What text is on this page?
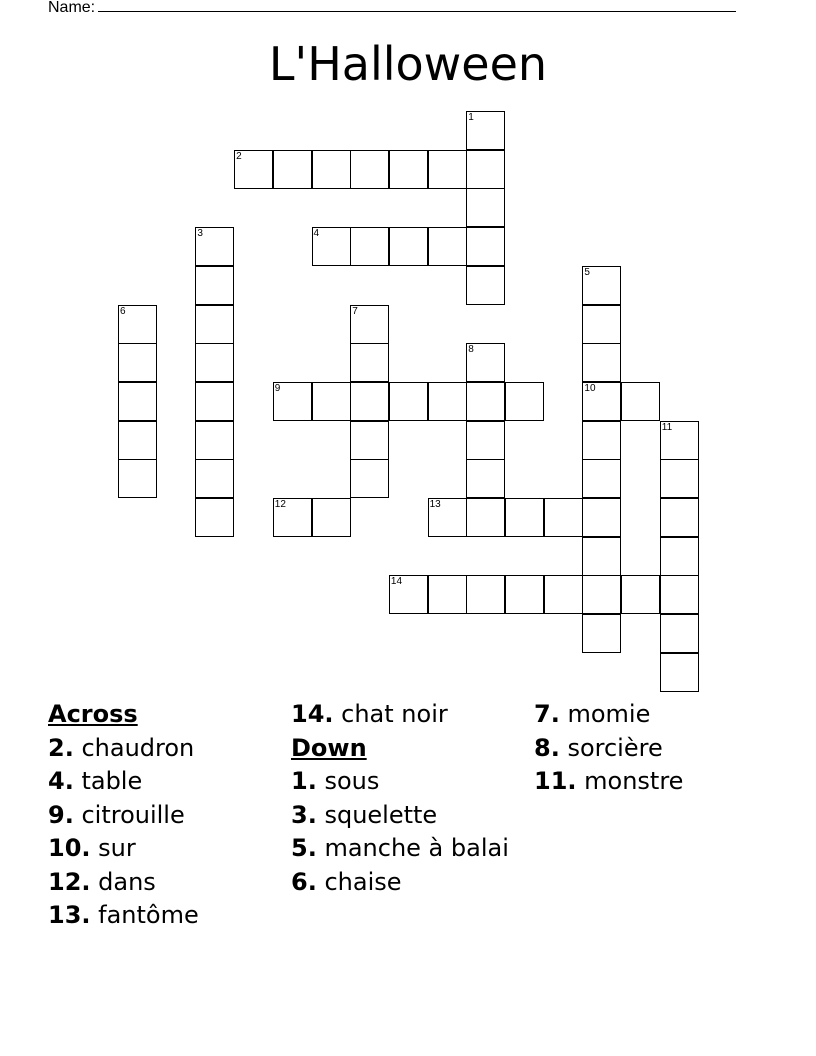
Name:
L'Halloween
1
2
3	4
5
10
6	7
8
9
11
12	13
14
Across
2. chaudron
4. table
9. citrouille
10. sur
12. dans
13. fantôme
14. chat noir
Down
1. sous
3. squelette
5. manche à balai
6. chaise
7. momie
8. sorcière
11. monstre
